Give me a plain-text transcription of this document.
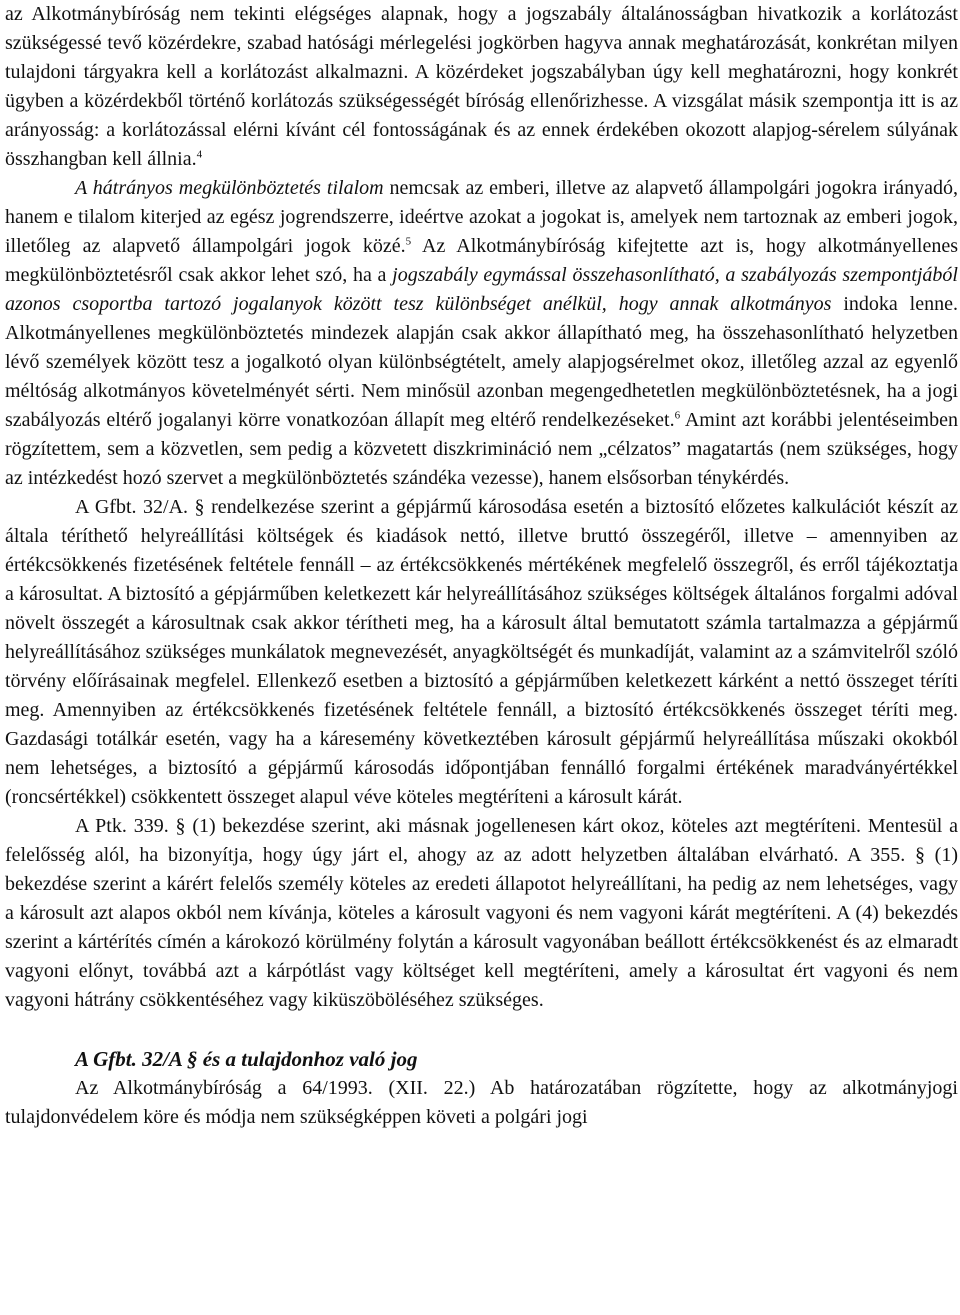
az Alkotmánybíróság nem tekinti elégséges alapnak, hogy a jogszabály általánosságban hivatkozik a korlátozást szükségessé tevő közérdekre, szabad hatósági mérlegelési jogkörben hagyva annak meghatározását, konkrétan milyen tulajdoni tárgyakra kell a korlátozást alkalmazni. A közérdeket jogszabályban úgy kell meghatározni, hogy konkrét ügyben a közérdekből történő korlátozás szükségességét bíróság ellenőrizhesse. A vizsgálat másik szempontja itt is az arányosság: a korlátozással elérni kívánt cél fontosságának és az ennek érdekében okozott alapjog-sérelem súlyának összhangban kell állnia.$^4$

A hátrányos megkülönböztetés tilalom nemcsak az emberi, illetve az alapvető állampolgári jogokra irányadó, hanem e tilalom kiterjed az egész jogrendszerre, ideértve azokat a jogokat is, amelyek nem tartoznak az emberi jogok, illetőleg az alapvető állampolgári jogok közé.$^5$ Az Alkotmánybíróság kifejtette azt is, hogy alkotmányellenes megkülönböztetésről csak akkor lehet szó, ha a jogszabály egymással összehasonlítható, a szabályozás szempontjából azonos csoportba tartozó jogalanyok között tesz különbséget anélkül, hogy annak alkotmányos indoka lenne. Alkotmányellenes megkülönböztetés mindezek alapján csak akkor állapítható meg, ha összehasonlítható helyzetben lévő személyek között tesz a jogalkotó olyan különbségtételt, amely alapjogsérelmet okoz, illetőleg azzal az egyenlő méltóság alkotmányos követelményét sérti. Nem minősül azonban megengedhetetlen megkülönböztetésnek, ha a jogi szabályozás eltérő jogalanyi körre vonatkozóan állapít meg eltérő rendelkezéseket.$^6$ Amint azt korábbi jelentéseimben rögzítettem, sem a közvetlen, sem pedig a közvetett diszkrimináció nem „célzatos” magatartás (nem szükséges, hogy az intézkedést hozó szervet a megkülönböztetés szándéka vezesse), hanem elsősorban ténykérdés.

A Gfbt. 32/A. § rendelkezése szerint a gépjármű károsodása esetén a biztosító előzetes kalkulációt készít az általa téríthető helyreállítási költségek és kiadások nettó, illetve bruttó összegéről, illetve – amennyiben az értékcsökkenés fizetésének feltétele fennáll – az értékcsökkenés mértékének megfelelő összegről, és erről tájékoztatja a károsultat. A biztosító a gépjárműben keletkezett kár helyreállításához szükséges költségek általános forgalmi adóval növelt összegét a károsultnak csak akkor térítheti meg, ha a károsult által bemutatott számla tartalmazza a gépjármű helyreállításához szükséges munkálatok megnevezését, anyagköltségét és munkadíját, valamint az a számvitelről szóló törvény előírásainak megfelel. Ellenkező esetben a biztosító a gépjárműben keletkezett kárként a nettó összeget téríti meg. Amennyiben az értékcsökkenés fizetésének feltétele fennáll, a biztosító értékcsökkenés összeget téríti meg. Gazdasági totálkár esetén, vagy ha a káresemény következtében károsult gépjármű helyreállítása műszaki okokból nem lehetséges, a biztosító a gépjármű károsodás időpontjában fennálló forgalmi értékének maradványértékkel (roncsértékkel) csökkentett összeget alapul véve köteles megtéríteni a károsult kárát.

A Ptk. 339. § (1) bekezdése szerint, aki másnak jogellenesen kárt okoz, köteles azt megtéríteni. Mentesül a felelősség alól, ha bizonyítja, hogy úgy járt el, ahogy az az adott helyzetben általában elvárható. A 355. § (1) bekezdése szerint a kárért felelős személy köteles az eredeti állapotot helyreállítani, ha pedig az nem lehetséges, vagy a károsult azt alapos okból nem kívánja, köteles a károsult vagyoni és nem vagyoni kárát megtéríteni. A (4) bekezdés szerint a kártérítés címén a károkozó körülmény folytán a károsult vagyonában beállott értékcsökkenést és az elmaradt vagyoni előnyt, továbbá azt a kárpótlást vagy költséget kell megtéríteni, amely a károsultat ért vagyoni és nem vagyoni hátrány csökkentéséhez vagy kiküszöböléséhez szükséges.

A Gfbt. 32/A § és a tulajdonhoz való jog

Az Alkotmánybíróság a 64/1993. (XII. 22.) Ab határozatában rögzítette, hogy az alkotmányjogi tulajdonvédelem köre és módja nem szükségképpen követi a polgári jogi
